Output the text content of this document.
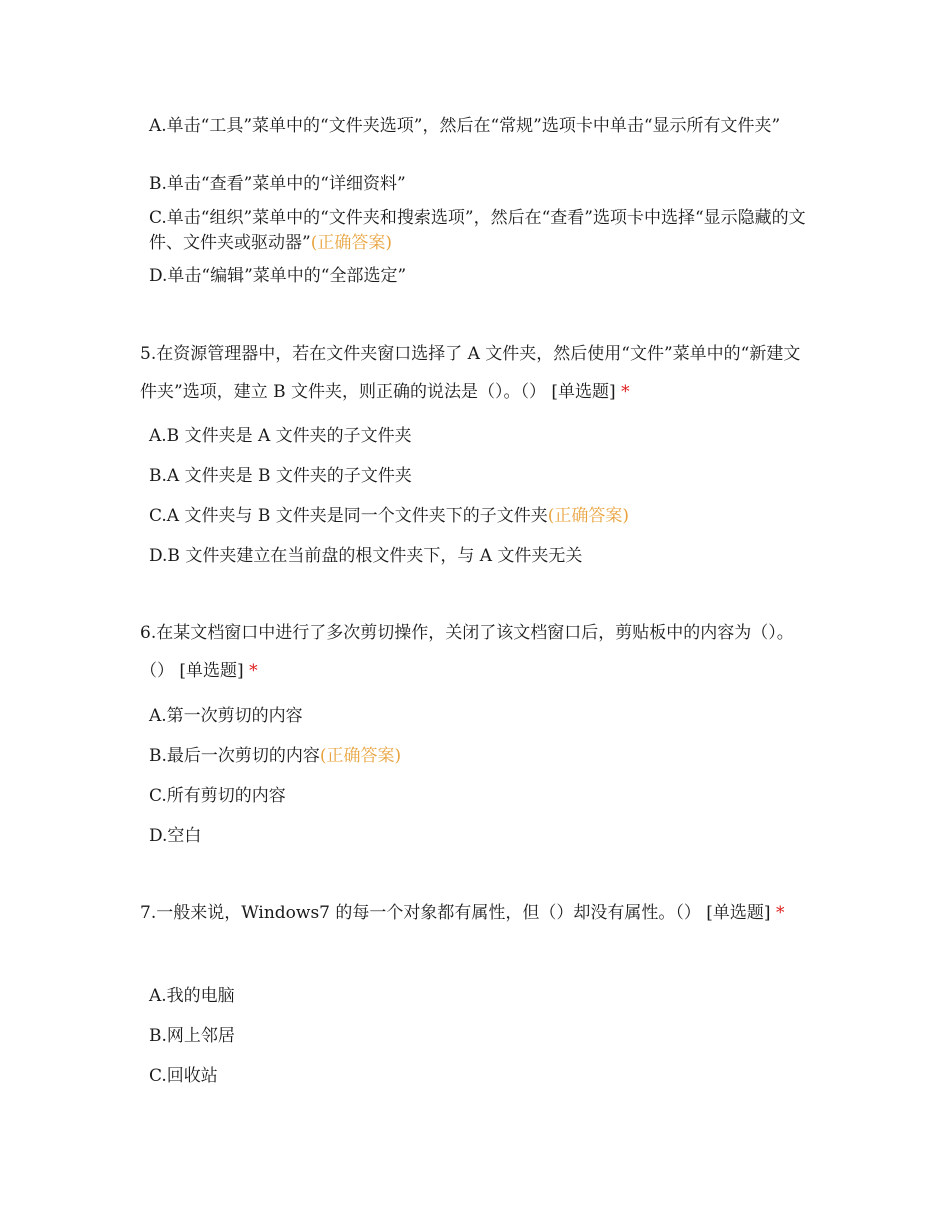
A.单击“工具”菜单中的“文件夹选项”，然后在“常规”选项卡中单击“显示所有文件夹”
B.单击“查看”菜单中的“详细资料”
C.单击“组织”菜单中的“文件夹和搜索选项”，然后在“查看”选项卡中选择“显示隐藏的文件、文件夹或驱动器”(正确答案)
D.单击“编辑”菜单中的“全部选定”
5.在资源管理器中，若在文件夹窗口选择了 A 文件夹，然后使用“文件”菜单中的“新建文件夹”选项，建立 B 文件夹，则正确的说法是（）。（） [单选题] *
A.B 文件夹是 A 文件夹的子文件夹
B.A 文件夹是 B 文件夹的子文件夹
C.A 文件夹与 B 文件夹是同一个文件夹下的子文件夹(正确答案)
D.B 文件夹建立在当前盘的根文件夹下，与 A 文件夹无关
6.在某文档窗口中进行了多次剪切操作，关闭了该文档窗口后，剪贴板中的内容为（）。（） [单选题] *
A.第一次剪切的内容
B.最后一次剪切的内容(正确答案)
C.所有剪切的内容
D.空白
7.一般来说，Windows7 的每一个对象都有属性，但（）却没有属性。（） [单选题] *
A.我的电脑
B.网上邻居
C.回收站
